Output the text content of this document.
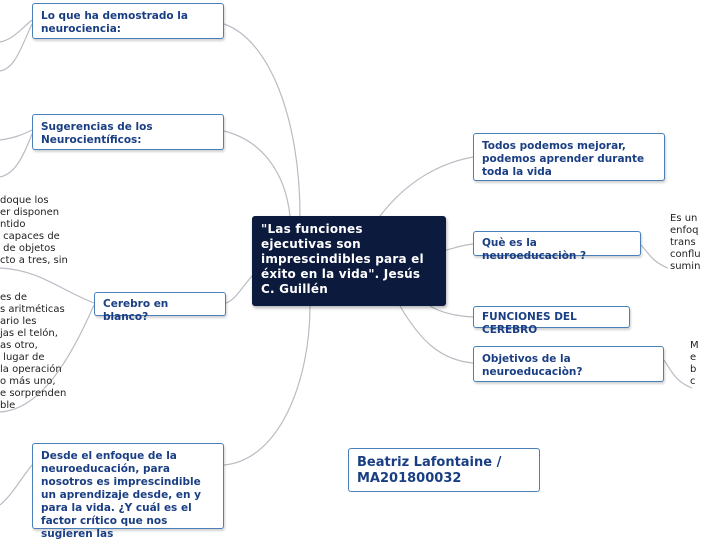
"Las funciones ejecutivas son imprescindibles para el éxito en la vida". Jesús C. Guillén
Lo que ha demostrado la neurociencia:
Sugerencias de los Neurocientíficos:
Cerebro en blanco?
Desde el enfoque de la neuroeducación, para nosotros es imprescindible un aprendizaje desde, en y para la vida. ¿Y cuál es el factor crítico que nos sugieren las
Todos podemos mejorar, podemos aprender durante toda la vida
Què es la neuroeducaciòn ?
FUNCIONES DEL CEREBRO
Objetivos de la neuroeducaciòn?
Beatriz Lafontaine / MA201800032
doque los
er disponen
ntido
capaces de
de objetos
cto a tres, sin
es de
s aritméticas
ario les
jas el telón,
as otro,
lugar de
la operación
o más uno,
e sorprenden
ble
Es un
enfoq
trans
conflu
sumin
M
e
b
c
